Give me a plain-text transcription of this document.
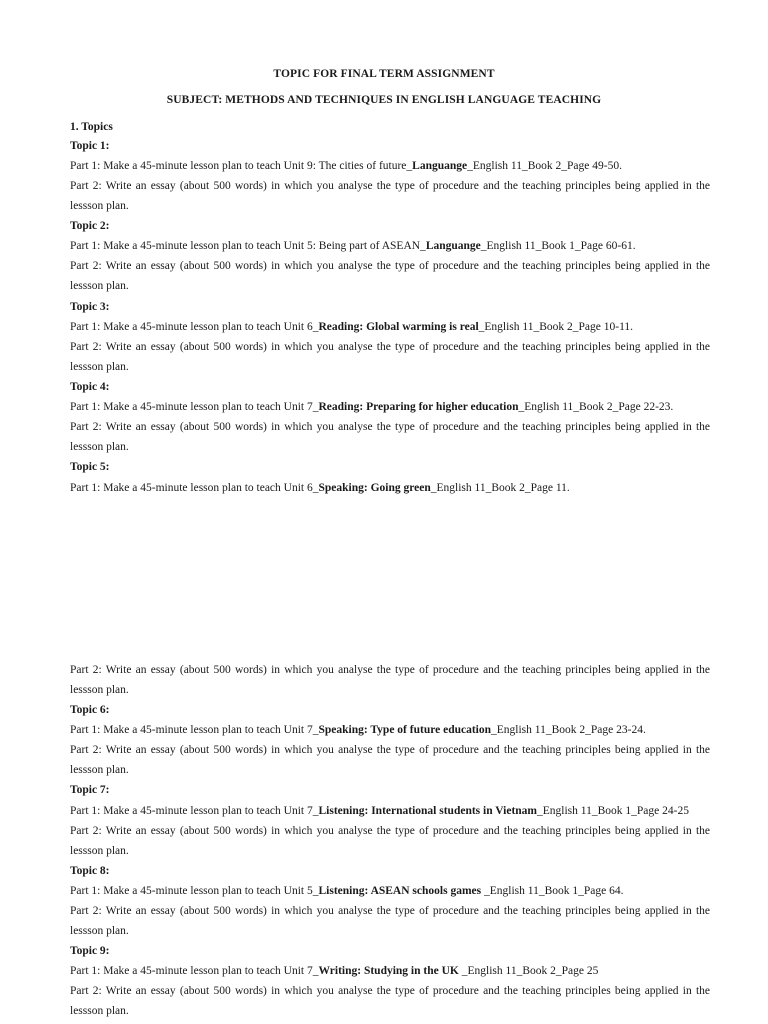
TOPIC FOR FINAL TERM ASSIGNMENT
SUBJECT: METHODS AND TECHNIQUES IN ENGLISH LANGUAGE TEACHING
1. Topics
Topic 1:
Part 1: Make a 45-minute lesson plan to teach Unit 9: The cities of future_Languange_English 11_Book 2_Page 49-50.
Part 2: Write an essay (about 500 words) in which you analyse the type of procedure and the teaching principles being applied in the
lessson plan.
Topic 2:
Part 1: Make a 45-minute lesson plan to teach Unit 5: Being part of ASEAN_Languange_English 11_Book 1_Page 60-61.
Part 2: Write an essay (about 500 words) in which you analyse the type of procedure and the teaching principles being applied in the
lessson plan.
Topic 3:
Part 1: Make a 45-minute lesson plan to teach Unit 6_Reading: Global warming is real_English 11_Book 2_Page 10-11.
Part 2: Write an essay (about 500 words) in which you analyse the type of procedure and the teaching principles being applied in the
lessson plan.
Topic 4:
Part 1: Make a 45-minute lesson plan to teach Unit 7_Reading: Preparing for higher education_English 11_Book 2_Page 22-23.
Part 2: Write an essay (about 500 words) in which you analyse the type of procedure and the teaching principles being applied in the
lessson plan.
Topic 5:
Part 1: Make a 45-minute lesson plan to teach Unit 6_Speaking: Going green_English 11_Book 2_Page 11.
Part 2: Write an essay (about 500 words) in which you analyse the type of procedure and the teaching principles being applied in the
lessson plan.
Topic 6:
Part 1: Make a 45-minute lesson plan to teach Unit 7_Speaking: Type of future education_English 11_Book 2_Page 23-24.
Part 2: Write an essay (about 500 words) in which you analyse the type of procedure and the teaching principles being applied in the
lessson plan.
Topic 7:
Part 1: Make a 45-minute lesson plan to teach Unit 7_Listening: International students in Vietnam_English 11_Book 1_Page 24-25
Part 2: Write an essay (about 500 words) in which you analyse the type of procedure and the teaching principles being applied in the
lessson plan.
Topic 8:
Part 1: Make a 45-minute lesson plan to teach Unit 5_Listening: ASEAN schools games _English 11_Book 1_Page 64.
Part 2: Write an essay (about 500 words) in which you analyse the type of procedure and the teaching principles being applied in the
lessson plan.
Topic 9:
Part 1: Make a 45-minute lesson plan to teach Unit 7_Writing: Studying in the UK _English 11_Book 2_Page 25
Part 2: Write an essay (about 500 words) in which you analyse the type of procedure and the teaching principles being applied in the
lessson plan.
